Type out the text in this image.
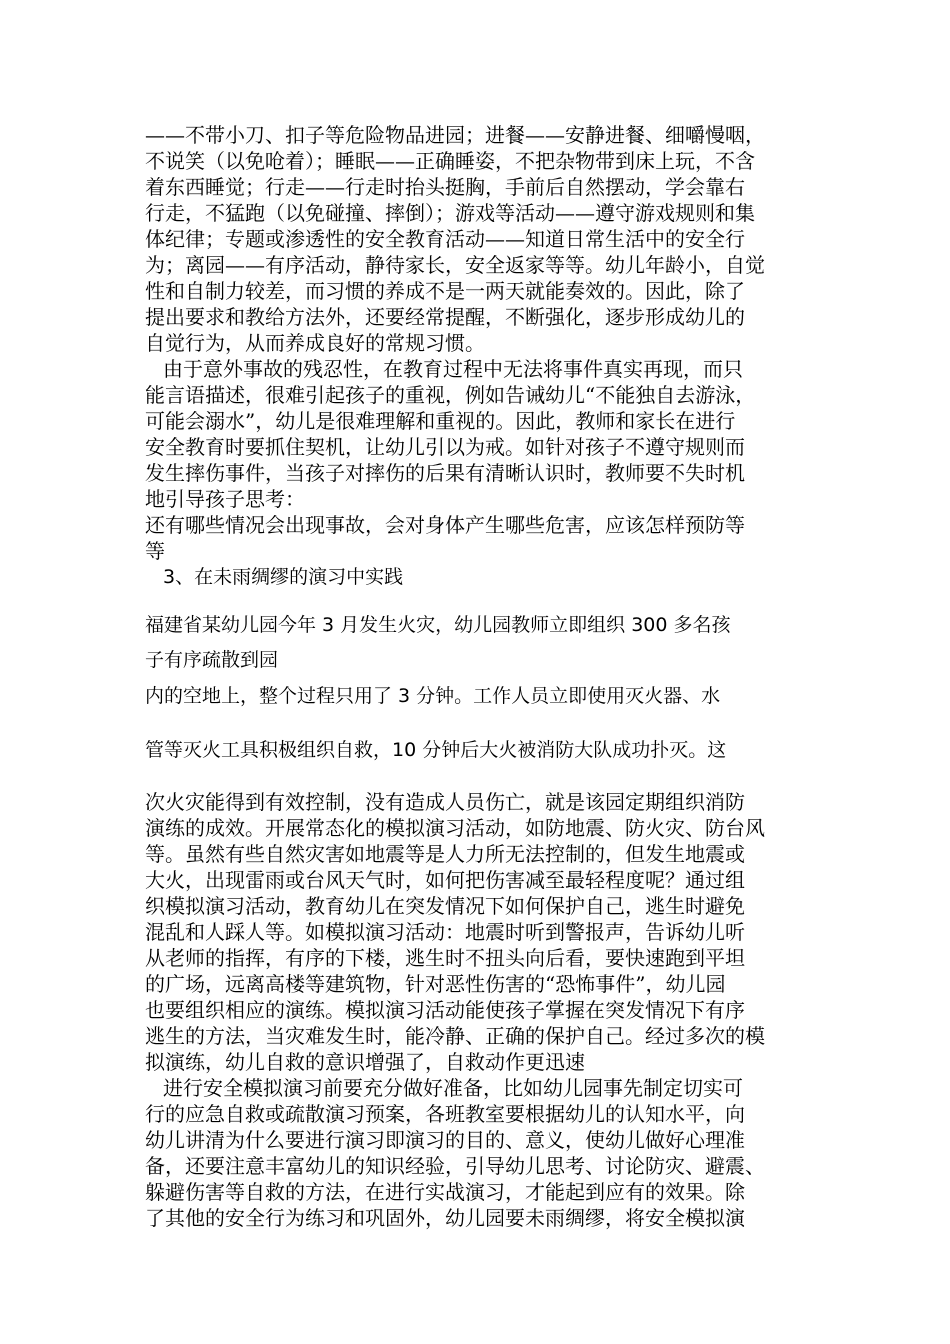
——不带小刀、扣子等危险物品进园；进餐——安静进餐、细嚼慢咽，
不说笑（以免呛着）；睡眠——正确睡姿，不把杂物带到床上玩，不含
着东西睡觉；行走——行走时抬头挺胸，手前后自然摆动，学会靠右
行走，不猛跑（以免碰撞、摔倒）；游戏等活动——遵守游戏规则和集
体纪律；专题或渗透性的安全教育活动——知道日常生活中的安全行
为；离园——有序活动，静待家长，安全返家等等。幼儿年龄小，自觉
性和自制力较差，而习惯的养成不是一两天就能奏效的。因此，除了
提出要求和教给方法外，还要经常提醒，不断强化，逐步形成幼儿的
自觉行为，从而养成良好的常规习惯。
由于意外事故的残忍性，在教育过程中无法将事件真实再现，而只
能言语描述，很难引起孩子的重视，例如告诫幼儿“不能独自去游泳，
可能会溺水”，幼儿是很难理解和重视的。因此，教师和家长在进行
安全教育时要抓住契机，让幼儿引以为戒。如针对孩子不遵守规则而
发生摔伤事件，当孩子对摔伤的后果有清晰认识时，教师要不失时机
地引导孩子思考：
还有哪些情况会出现事故，会对身体产生哪些危害，应该怎样预防等
等
3、在未雨绸缪的演习中实践
福建省某幼儿园今年 3 月发生火灾，幼儿园教师立即组织 300 多名孩
子有序疏散到园
内的空地上，整个过程只用了 3 分钟。工作人员立即使用灭火器、水
管等灭火工具积极组织自救，10 分钟后大火被消防大队成功扑灭。这
次火灾能得到有效控制，没有造成人员伤亡，就是该园定期组织消防
演练的成效。开展常态化的模拟演习活动，如防地震、防火灾、防台风
等。虽然有些自然灾害如地震等是人力所无法控制的，但发生地震或
大火，出现雷雨或台风天气时，如何把伤害减至最轻程度呢？通过组
织模拟演习活动，教育幼儿在突发情况下如何保护自己，逃生时避免
混乱和人踩人等。如模拟演习活动：地震时听到警报声，告诉幼儿听
从老师的指挥，有序的下楼，逃生时不扭头向后看，要快速跑到平坦
的广场，远离高楼等建筑物，针对恶性伤害的“恐怖事件”，幼儿园
也要组织相应的演练。模拟演习活动能使孩子掌握在突发情况下有序
逃生的方法，当灾难发生时，能冷静、正确的保护自己。经过多次的模
拟演练，幼儿自救的意识增强了，自救动作更迅速
进行安全模拟演习前要充分做好准备，比如幼儿园事先制定切实可
行的应急自救或疏散演习预案，各班教室要根据幼儿的认知水平，向
幼儿讲清为什么要进行演习即演习的目的、意义，使幼儿做好心理准
备，还要注意丰富幼儿的知识经验，引导幼儿思考、讨论防灾、避震、
躲避伤害等自救的方法，在进行实战演习，才能起到应有的效果。除
了其他的安全行为练习和巩固外，幼儿园要未雨绸缪，将安全模拟演
